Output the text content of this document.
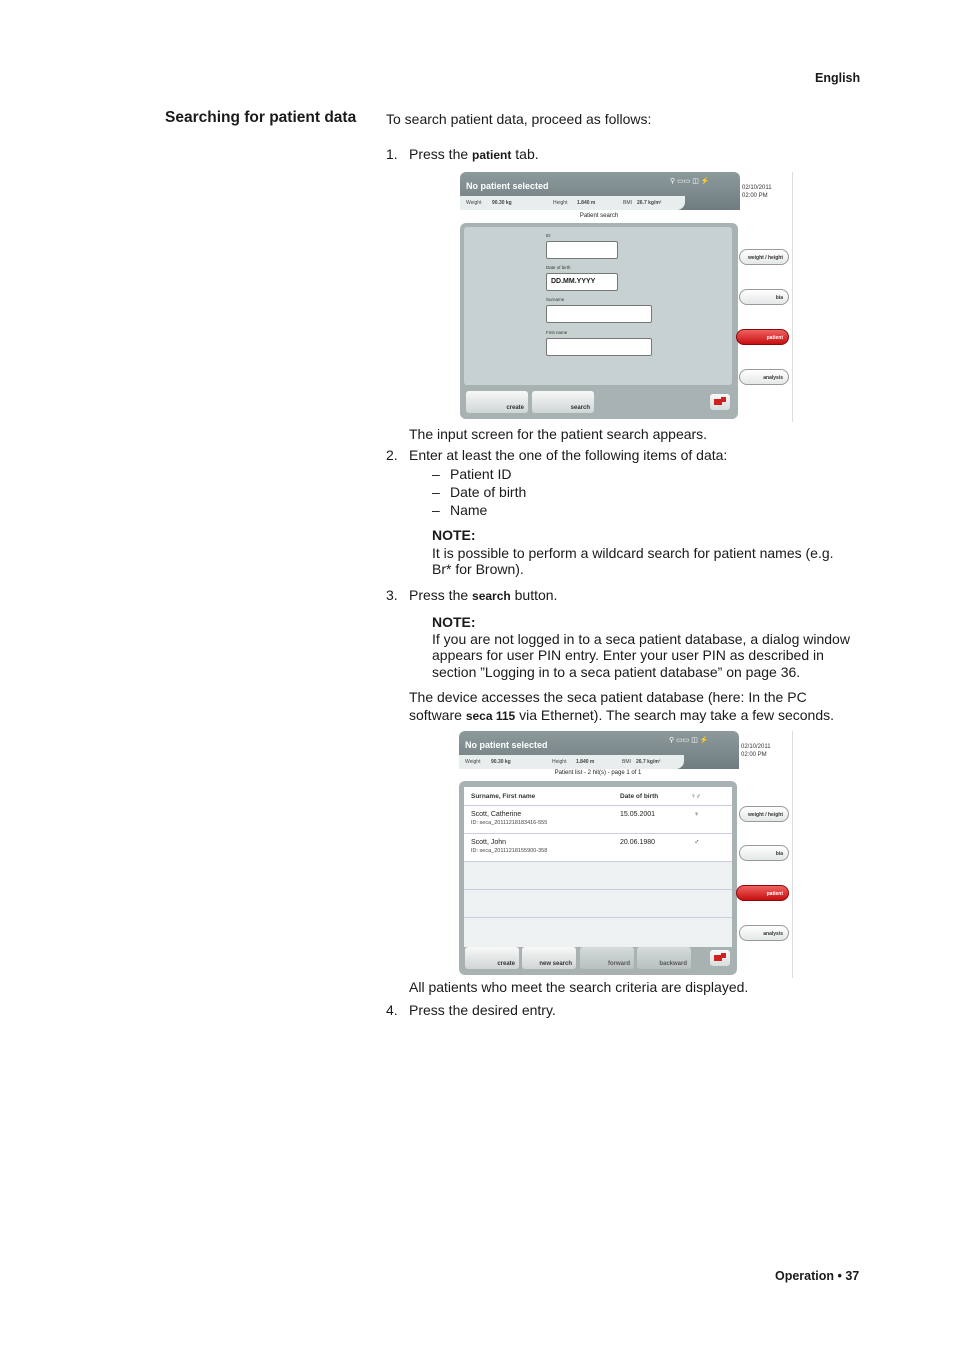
English
Searching for patient data To search patient data, proceed as follows:
1. Press the patient tab.
No patient selected	⚲ ▭▭ ◫ ⚡
Weight 90.30 kg	Height 1.840 m	BMI 26.7 kg/m²
02/10/2011
02:00 PM
Patient search
ID
Date of birth
DD.MM.YYYY
Surname
First name
create	search
weight / height
bia
patient
analysis
The input screen for the patient search appears.
2. Enter at least the one of the following items of data:
– Patient ID
– Date of birth
– Name
NOTE:
It is possible to perform a wildcard search for patient names (e.g.
Br* for Brown).
3. Press the search button.
NOTE:
If you are not logged in to a seca patient database, a dialog window
appears for user PIN entry. Enter your user PIN as described in
section ”Logging in to a seca patient database” on page 36.
The device accesses the seca patient database (here: In the PC
software seca 115 via Ethernet). The search may take a few seconds.
No patient selected	⚲ ▭▭ ◫ ⚡
Weight 90.30 kg	Height 1.840 m	BMI 26.7 kg/m²
02/10/2011
02:00 PM
Patient list - 2 hit(s) - page 1 of 1
Surname, First name	Date of birth	♀♂
Scott, Catherine
ID: seca_20111218183416-555
15.05.2001	♀
Scott, John
ID: seca_20111218155900-358
20.06.1980	♂
create	new search	forward	backward
weight / height
bia
patient
analysis
All patients who meet the search criteria are displayed.
4. Press the desired entry.
Operation • 37
